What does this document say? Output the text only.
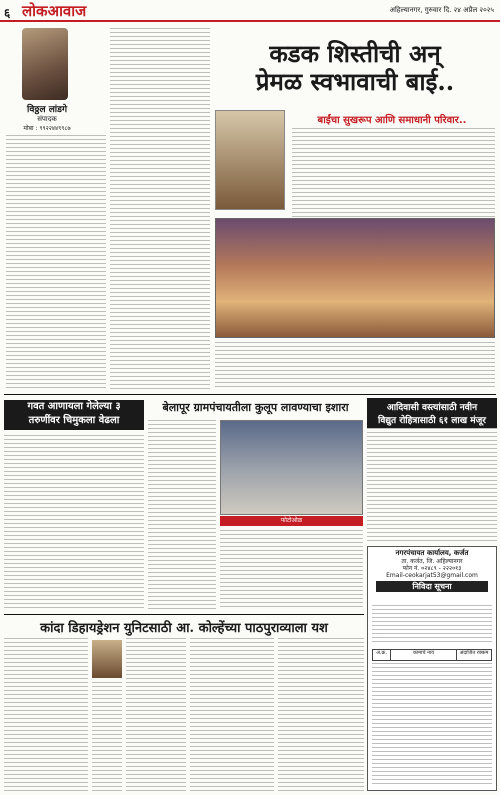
६ लोकआवाज	अहिल्यानगर, गुरुवार दि. २४ अप्रैल २०२५
विठ्ठल लांडगे
संपादक
मोबा : ९९२२४४९९८७
कडक शिस्तीची अन्
प्रेमळ स्वभावाची बाई..
बाईंचा सुखरूप आणि समाधानी परिवार..
गवत आणायला गेलेल्या ३
तरुणींवर चिमुकला वेढला
बेलापूर ग्रामपंचायतीला कुलूप लावण्याचा इशारा
फोटोओळ
आदिवासी वस्त्यांसाठी नवीन
विद्युत रोहित्रासाठी ६१ लाख मंजूर
नगरपंचायत कार्यालय, कर्जत
ता. कर्जत, जि. अहिल्यानगर
फोन नं. ०२४८९ - २२२०१३
Email-ceokarjat53@gmail.com
निविदा सूचना
अ.क्र.	कामाचे नाव	अंदाजित रक्कम
कांदा डिहायड्रेशन युनिटसाठी आ. कोल्हेंच्या पाठपुराव्याला यश
